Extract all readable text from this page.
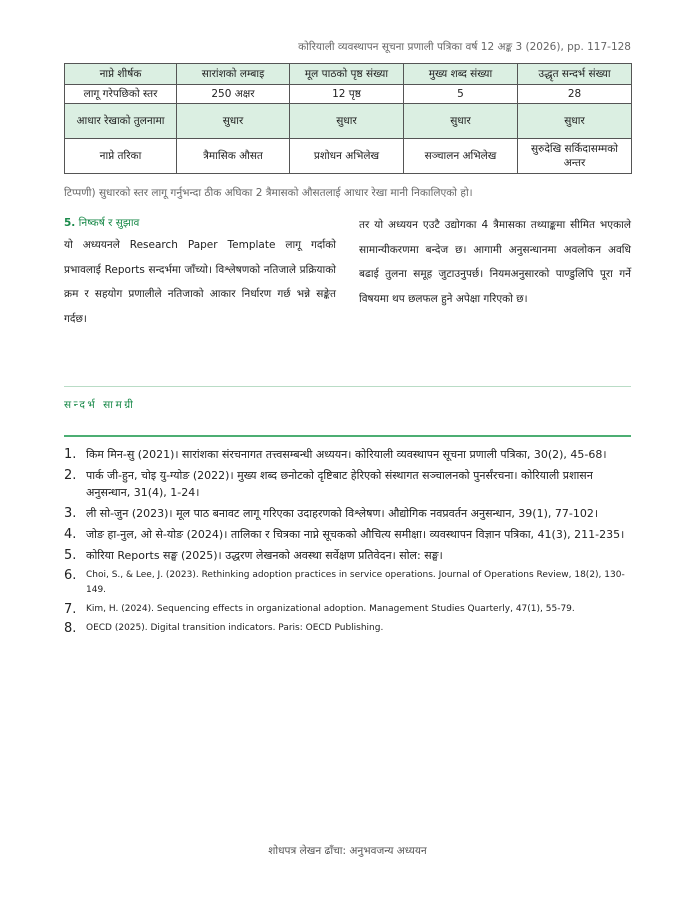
कोरियाली व्यवस्थापन सूचना प्रणाली पत्रिका वर्ष 12 अङ्क 3 (2026), pp. 117-128
नाप्ने शीर्षक	सारांशको लम्बाइ	मूल पाठको पृष्ठ संख्या	मुख्य शब्द संख्या	उद्धृत सन्दर्भ संख्या
लागू गरेपछिको स्तर	250 अक्षर	12 पृष्ठ	5	28
आधार रेखाको तुलनामा	सुधार	सुधार	सुधार	सुधार
नाप्ने तरिका	त्रैमासिक औसत	प्रशोधन अभिलेख	सञ्चालन अभिलेख	सुरुदेखि सर्किदासम्मको अन्तर
टिप्पणी) सुधारको स्तर लागू गर्नुभन्दा ठीक अघिका 2 त्रैमासको औसतलाई आधार रेखा मानी निकालिएको हो।
5. निष्कर्ष र सुझाव

यो अध्ययनले Research Paper Template लागू गर्दाको प्रभावलाई Reports सन्दर्भमा जाँच्यो। विश्लेषणको नतिजाले प्रक्रियाको क्रम र सहयोग प्रणालीले नतिजाको आकार निर्धारण गर्छ भन्ने सङ्केत गर्दछ।

तर यो अध्ययन एउटै उद्योगका 4 त्रैमासका तथ्याङ्कमा सीमित भएकाले सामान्यीकरणमा बन्देज छ। आगामी अनुसन्धानमा अवलोकन अवधि बढाई तुलना समूह जुटाउनुपर्छ। नियमअनुसारको पाण्डुलिपि पूरा गर्ने विषयमा थप छलफल हुने अपेक्षा गरिएको छ।

सन्दर्भ सामग्री
1. किम मिन-सु (2021)। सारांशका संरचनागत तत्त्वसम्बन्धी अध्ययन। कोरियाली व्यवस्थापन सूचना प्रणाली पत्रिका, 30(2), 45-68।
2. पार्क जी-हुन, चोइ यु-ग्योङ (2022)। मुख्य शब्द छनोटको दृष्टिबाट हेरिएको संस्थागत सञ्चालनको पुनर्संरचना। कोरियाली प्रशासन अनुसन्धान, 31(4), 1-24।
3. ली सो-जुन (2023)। मूल पाठ बनावट लागू गरिएका उदाहरणको विश्लेषण। औद्योगिक नवप्रवर्तन अनुसन्धान, 39(1), 77-102।
4. जोङ हा-नुल, ओ से-योङ (2024)। तालिका र चित्रका नाप्ने सूचकको औचित्य समीक्षा। व्यवस्थापन विज्ञान पत्रिका, 41(3), 211-235।
5. कोरिया Reports सङ्घ (2025)। उद्धरण लेखनको अवस्था सर्वेक्षण प्रतिवेदन। सोल: सङ्घ।
6.	Choi, S., & Lee, J. (2023). Rethinking adoption practices in service operations. Journal of Operations Review, 18(2), 130-149.
7.	Kim, H. (2024). Sequencing effects in organizational adoption. Management Studies Quarterly, 47(1), 55-79.
8.	OECD (2025). Digital transition indicators. Paris: OECD Publishing.
शोधपत्र लेखन ढाँचा: अनुभवजन्य अध्ययन
